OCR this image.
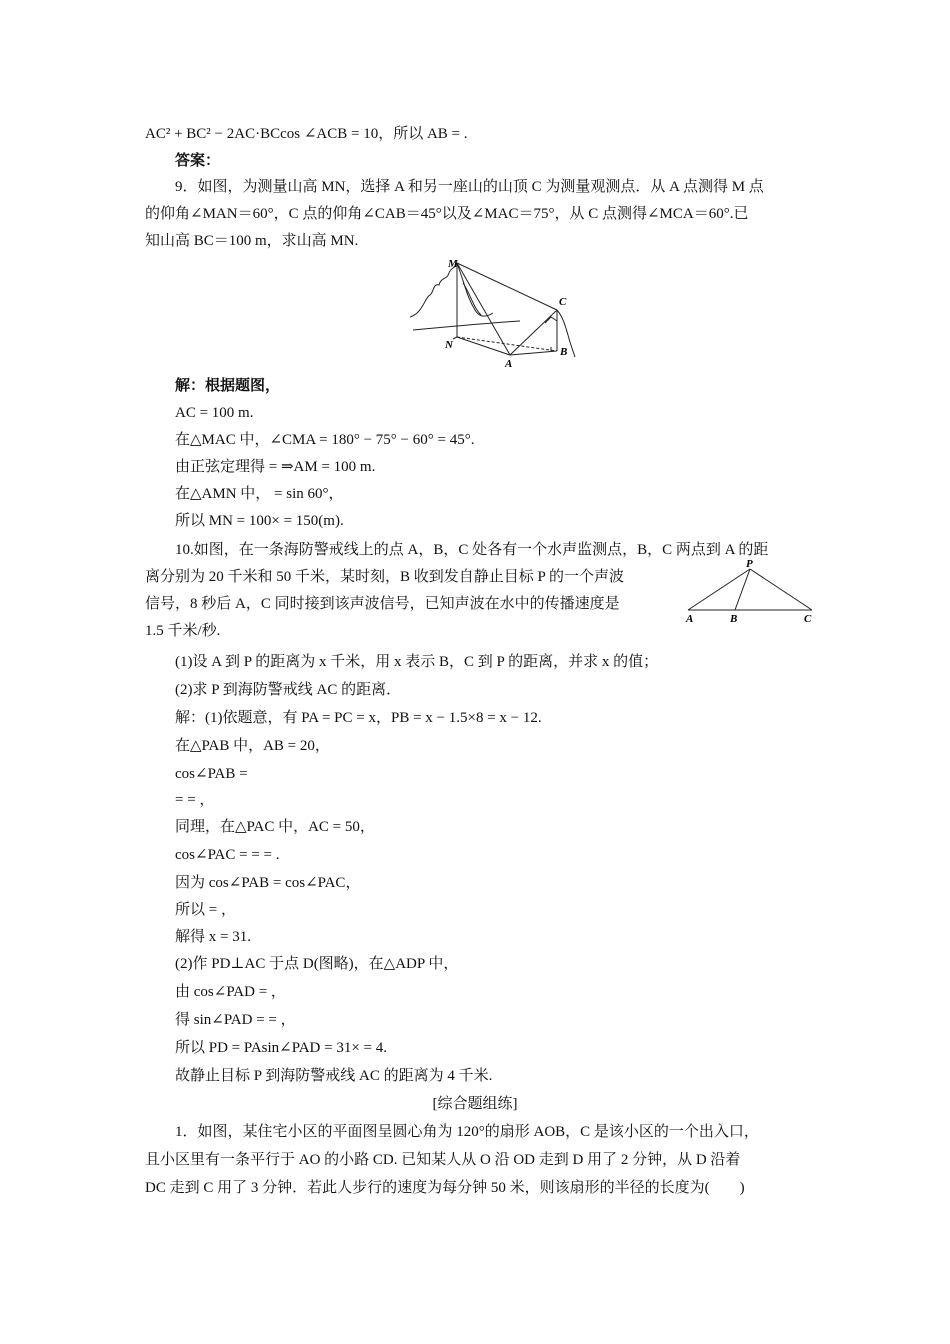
AC² + BC² − 2AC·BCcos ∠ACB = 10，所以 AB = .
答案：
9．如图，为测量山高 MN，选择 A 和另一座山的山顶 C 为测量观测点．从 A 点测得 M 点
的仰角∠MAN＝60°，C 点的仰角∠CAB＝45°以及∠MAC＝75°，从 C 点测得∠MCA＝60°.已
知山高 BC＝100 m，求山高 MN.
M
C
N
B
A
解：根据题图，
AC = 100 m.
在△MAC 中，∠CMA = 180° − 75° − 60° = 45°.
由正弦定理得 = ⇒AM = 100 m.
在△AMN 中， = sin 60°，
所以 MN = 100× = 150(m).
10.如图，在一条海防警戒线上的点 A，B，C 处各有一个水声监测点，B，C 两点到 A 的距
离分别为 20 千米和 50 千米，某时刻，B 收到发自静止目标 P 的一个声波
信号，8 秒后 A，C 同时接到该声波信号，已知声波在水中的传播速度是
1.5 千米/秒.
P
A	B	C
(1)设 A 到 P 的距离为 x 千米，用 x 表示 B，C 到 P 的距离，并求 x 的值；
(2)求 P 到海防警戒线 AC 的距离．
解：(1)依题意，有 PA = PC = x，PB = x − 1.5×8 = x − 12.
在△PAB 中，AB = 20，
cos∠PAB =
= = ，
同理，在△PAC 中，AC = 50，
cos∠PAC = = = .
因为 cos∠PAB = cos∠PAC，
所以 = ，
解得 x = 31.
(2)作 PD⊥AC 于点 D(图略)，在△ADP 中，
由 cos∠PAD = ，
得 sin∠PAD = = ，
所以 PD = PAsin∠PAD = 31× = 4.
故静止目标 P 到海防警戒线 AC 的距离为 4 千米.
[综合题组练]
1．如图，某住宅小区的平面图呈圆心角为 120°的扇形 AOB，C 是该小区的一个出入口，
且小区里有一条平行于 AO 的小路 CD. 已知某人从 O 沿 OD 走到 D 用了 2 分钟，从 D 沿着
DC 走到 C 用了 3 分钟．若此人步行的速度为每分钟 50 米，则该扇形的半径的长度为(　　)
